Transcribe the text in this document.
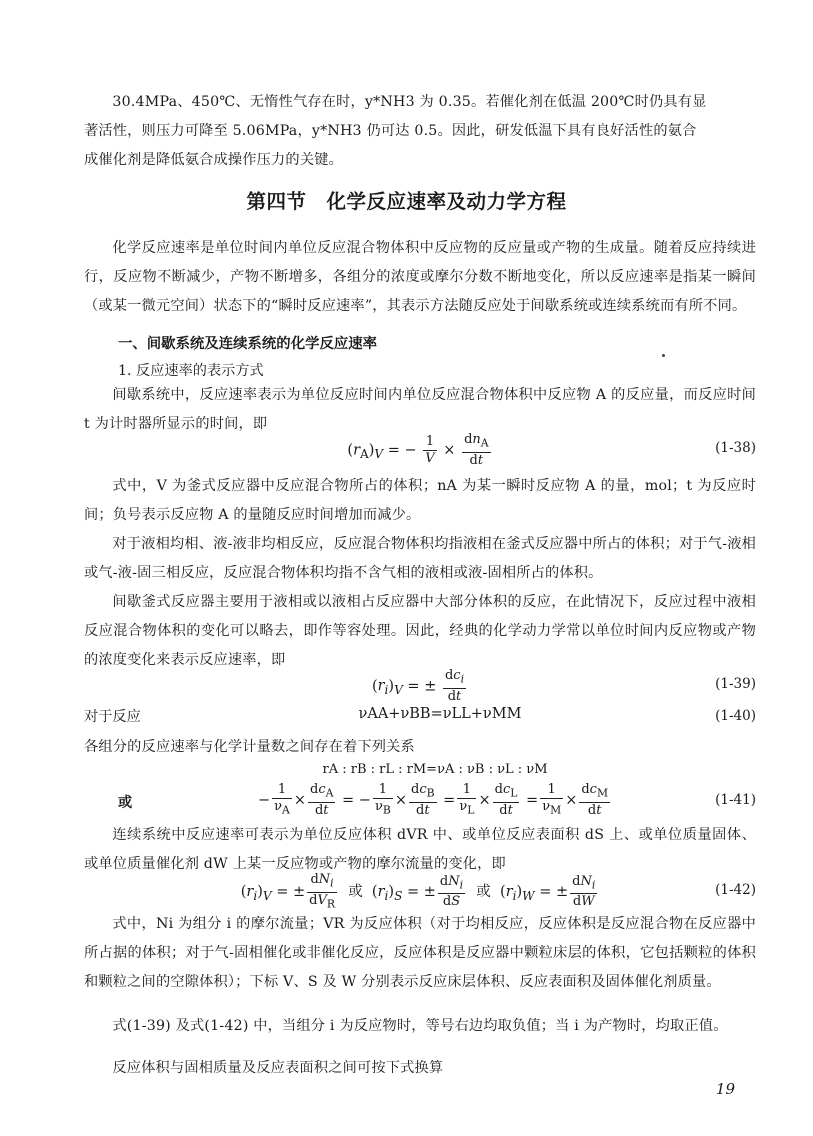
30.4MPa、450℃、无惰性气存在时，y*NH3 为 0.35。若催化剂在低温 200℃时仍具有显

著活性，则压力可降至 5.06MPa，y*NH3 仍可达 0.5。因此，研发低温下具有良好活性的氨合

成催化剂是降低氨合成操作压力的关键。

第四节　化学反应速率及动力学方程

化学反应速率是单位时间内单位反应混合物体积中反应物的反应量或产物的生成量。随着反应持续进行，反应物不断减少，产物不断增多，各组分的浓度或摩尔分数不断地变化，所以反应速率是指某一瞬间（或某一微元空间）状态下的“瞬时反应速率”，其表示方法随反应处于间歇系统或连续系统而有所不同。

一、间歇系统及连续系统的化学反应速率

1. 反应速率的表示方式

间歇系统中，反应速率表示为单位反应时间内单位反应混合物体积中反应物 A 的反应量，而反应时间 t 为计时器所显示的时间，即

$(r_A)_V$ = − $\frac{1}{V} \times \frac{dn_A}{dt}$	(1-38)

式中，V 为釜式反应器中反应混合物所占的体积；nA 为某一瞬时反应物 A 的量，mol；t 为反应时间；负号表示反应物 A 的量随反应时间增加而减少。

对于液相均相、液-液非均相反应，反应混合物体积均指液相在釜式反应器中所占的体积；对于气-液相或气-液-固三相反应，反应混合物体积均指不含气相的液相或液-固相所占的体积。

间歇釜式反应器主要用于液相或以液相占反应器中大部分体积的反应，在此情况下，反应过程中液相反应混合物体积的变化可以略去，即作等容处理。因此，经典的化学动力学常以单位时间内反应物或产物的浓度变化来表示反应速率，即

$(r_i)_V$ = ± $\frac{dc_i}{dt}$	(1-39)
对于反应	νAA+νBB=νLL+νMM	(1-40)

各组分的反应速率与化学计量数之间存在着下列关系

rA : rB : rL : rM=νA : νB : νL : νM
或	− $\frac{1}{\nu_A} \times \frac{dc_A}{dt}$ = − $\frac{1}{\nu_B} \times \frac{dc_B}{dt} = \frac{1}{\nu_L} \times \frac{dc_L}{dt} = \frac{1}{\nu_M} \times \frac{dc_M}{dt}$	(1-41)

连续系统中反应速率可表示为单位反应体积 dVR 中、或单位反应表面积 dS 上、或单位质量固体、或单位质量催化剂 dW 上某一反应物或产物的摩尔流量的变化，即

$(r_i)_V$ = ± $\frac{dN_i}{dV_R}$ 或  $(r_i)_S$ = ± $\frac{dN_i}{dS}$ 或  $(r_i)_W$ = ± $\frac{dN_i}{dW}$	(1-42)

式中，Ni 为组分 i 的摩尔流量；VR 为反应体积（对于均相反应，反应体积是反应混合物在反应器中所占据的体积；对于气-固相催化或非催化反应，反应体积是反应器中颗粒床层的体积，它包括颗粒的体积和颗粒之间的空隙体积）；下标 V、S 及 W 分别表示反应床层体积、反应表面积及固体催化剂质量。

式(1-39) 及式(1-42) 中，当组分 i 为反应物时，等号右边均取负值；当 i 为产物时，均取正值。

反应体积与固相质量及反应表面积之间可按下式换算

19
